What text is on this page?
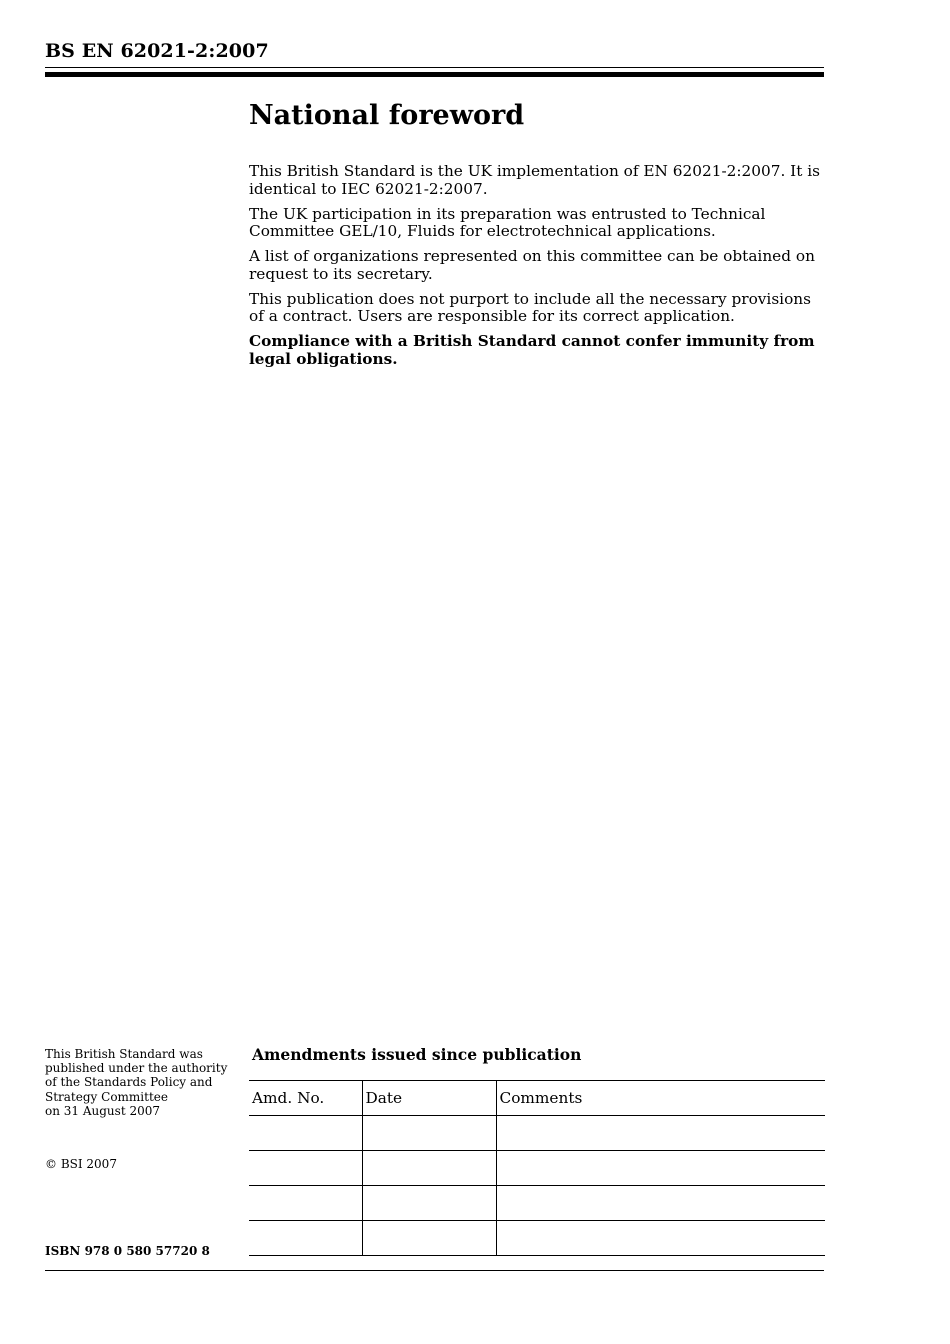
BS EN 62021-2:2007
National foreword

This British Standard is the UK implementation of EN 62021-2:2007. It is identical to IEC 62021-2:2007.

The UK participation in its preparation was entrusted to Technical Committee GEL/10, Fluids for electrotechnical applications.

A list of organizations represented on this committee can be obtained on request to its secretary.

This publication does not purport to include all the necessary provisions of a contract. Users are responsible for its correct application.

Compliance with a British Standard cannot confer immunity from legal obligations.

This British Standard was
published under the authority
of the Standards Policy and
Strategy Committee
on 31 August 2007
© BSI 2007
ISBN 978 0 580 57720 8
Amendments issued since publication
Amd. No.	Date	Comments
